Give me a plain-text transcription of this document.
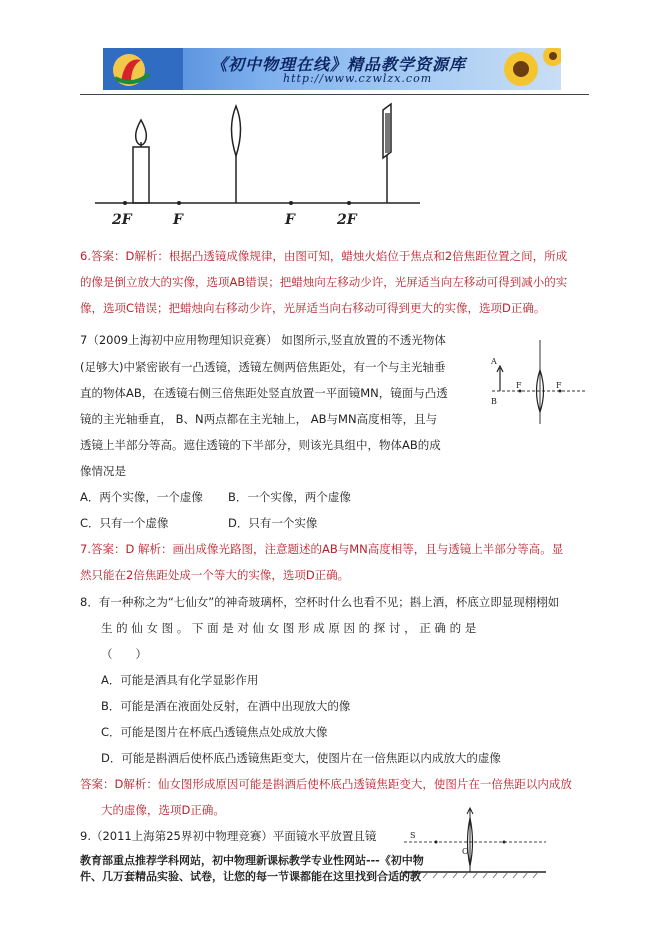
《初中物理在线》精品教学资源库
http://www.czwlzx.com
2F	F	F	2F
6.答案：D解析：根据凸透镜成像规律，由图可知，蜡烛火焰位于焦点和2倍焦距位置之间，所成
的像是倒立放大的实像，选项AB错误；把蜡烛向左移动少许，光屏适当向左移动可得到减小的实
像，选项C错误；把蜡烛向右移动少许，光屏适当向右移动可得到更大的实像，选项D正确。
7（2009上海初中应用物理知识竞赛） 如图所示,竖直放置的不透光物体
(足够大)中紧密嵌有一凸透镜，透镜左侧两倍焦距处，有一个与主光轴垂
直的物体AB，在透镜右侧三倍焦距处竖直放置一平面镜MN，镜面与凸透
镜的主光轴垂直， B、N两点都在主光轴上， AB与MN高度相等，且与
透镜上半部分等高。遮住透镜的下半部分，则该光具组中，物体AB的成
像情况是
A
B
F	F
A．两个实像，一个虚像 B．一个实像，两个虚像
C．只有一个虚像	D．只有一个实像
7.答案：D 解析：画出成像光路图，注意题述的AB与MN高度相等，且与透镜上半部分等高。显
然只能在2倍焦距处成一个等大的实像，选项D正确。
8．有一种称之为“七仙女”的神奇玻璃杯，空杯时什么也看不见；斟上酒，杯底立即显现栩栩如
生 的 仙 女 图 。 下 面 是 对 仙 女 图 形 成 原 因 的 探 讨 ， 正 确 的 是
（　　）
A．可能是酒具有化学显影作用
B．可能是酒在液面处反射，在酒中出现放大的像
C．可能是图片在杯底凸透镜焦点处成放大像
D．可能是斟酒后使杯底凸透镜焦距变大，使图片在一倍焦距以内成放大的虚像
答案：D解析：仙女图形成原因可能是斟酒后使杯底凸透镜焦距变大，使图片在一倍焦距以内成放
大的虚像，选项D正确。
9.（2011上海第25界初中物理竞赛）平面镜水平放置且镜	S
O
教育部重点推荐学科网站，初中物理新课标教学专业性网站---《初中物
件、几万套精品实验、试卷，让您的每一节课都能在这里找到合适的教
